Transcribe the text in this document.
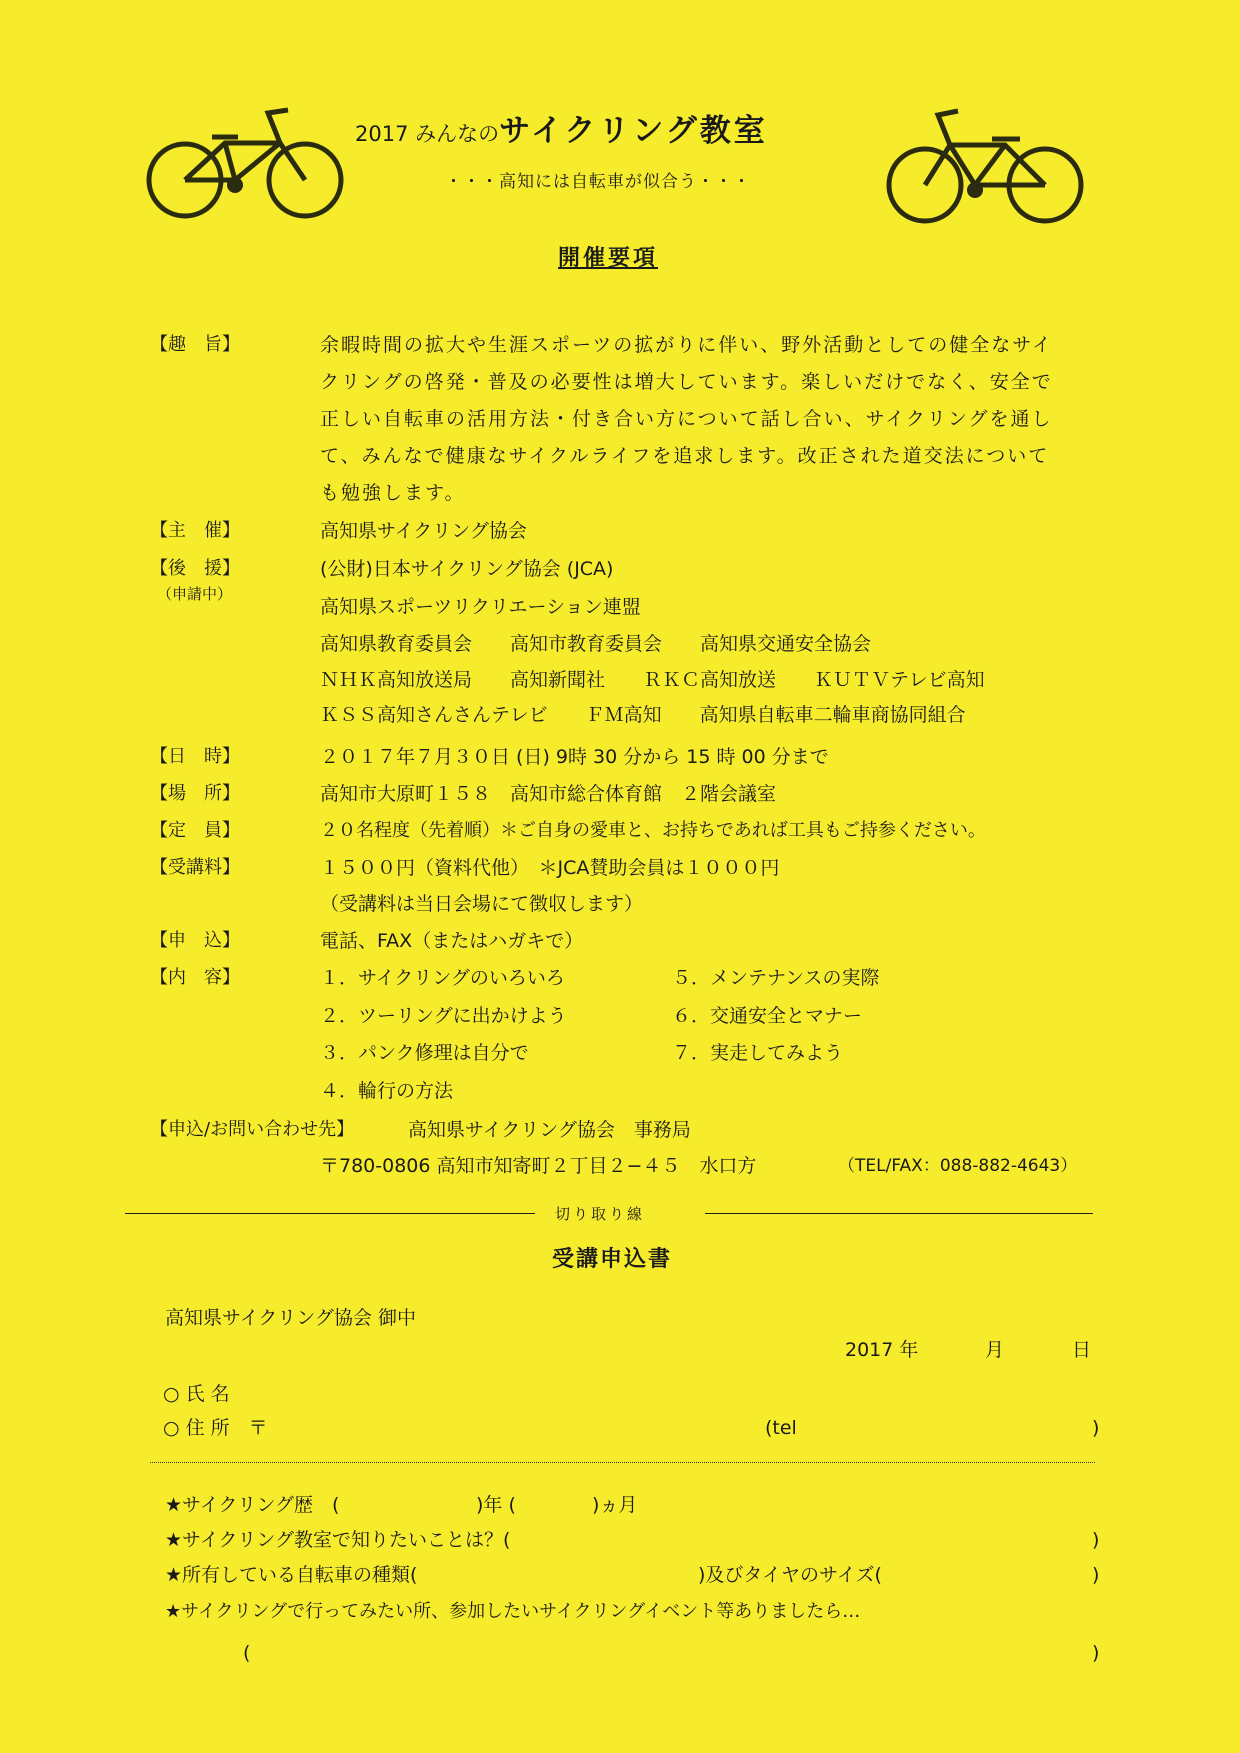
2017 みんなのサイクリング教室
・・・高知には自転車が似合う・・・
開催要項
【趣　旨】	余暇時間の拡大や生涯スポーツの拡がりに伴い、野外活動としての健全なサイ
クリングの啓発・普及の必要性は増大しています。楽しいだけでなく、安全で
正しい自転車の活用方法・付き合い方について話し合い、サイクリングを通し
て、みんなで健康なサイクルライフを追求します。改正された道交法について
も勉強します。
【主　催】	高知県サイクリング協会
【後　援】
（申請中）
(公財)日本サイクリング協会 (JCA)
高知県スポーツリクリエーション連盟
高知県教育委員会　　高知市教育委員会　　高知県交通安全協会
ＮＨＫ高知放送局　　高知新聞社　　ＲＫＣ高知放送　　ＫＵＴＶテレビ高知
ＫＳＳ高知さんさんテレビ　　ＦＭ高知　　高知県自転車二輪車商協同組合
【日　時】	２０１７年７月３０日 (日) 9時 30 分から 15 時 00 分まで
【場　所】	高知市大原町１５８　高知市総合体育館　２階会議室
【定　員】	２０名程度（先着順）＊ご自身の愛車と、お持ちであれば工具もご持参ください。
【受講料】	１５００円（資料代他）　＊JCA賛助会員は１０００円
（受講料は当日会場にて徴収します）
【申　込】	電話、FAX（またはハガキで）
【内　容】	１．サイクリングのいろいろ
２．ツーリングに出かけよう
３．パンク修理は自分で
４．輪行の方法
５．メンテナンスの実際
６．交通安全とマナー
７．実走してみよう
【申込/お問い合わせ先】	高知県サイクリング協会　事務局
〒780-0806 高知市知寄町２丁目２−４５　水口方	（TEL/FAX：088-882-4643）
切り取り線
受講申込書
高知県サイクリング協会 御中
2017 年	月	日
○ 氏 名
○ 住 所　〒	(tel	)
★サイクリング歴　(	)年 (	)ヵ月
★サイクリング教室で知りたいことは？(	)
★所有している自転車の種類(	)及びタイヤのサイズ(	)
★サイクリングで行ってみたい所、参加したいサイクリングイベント等ありましたら…
(	)
